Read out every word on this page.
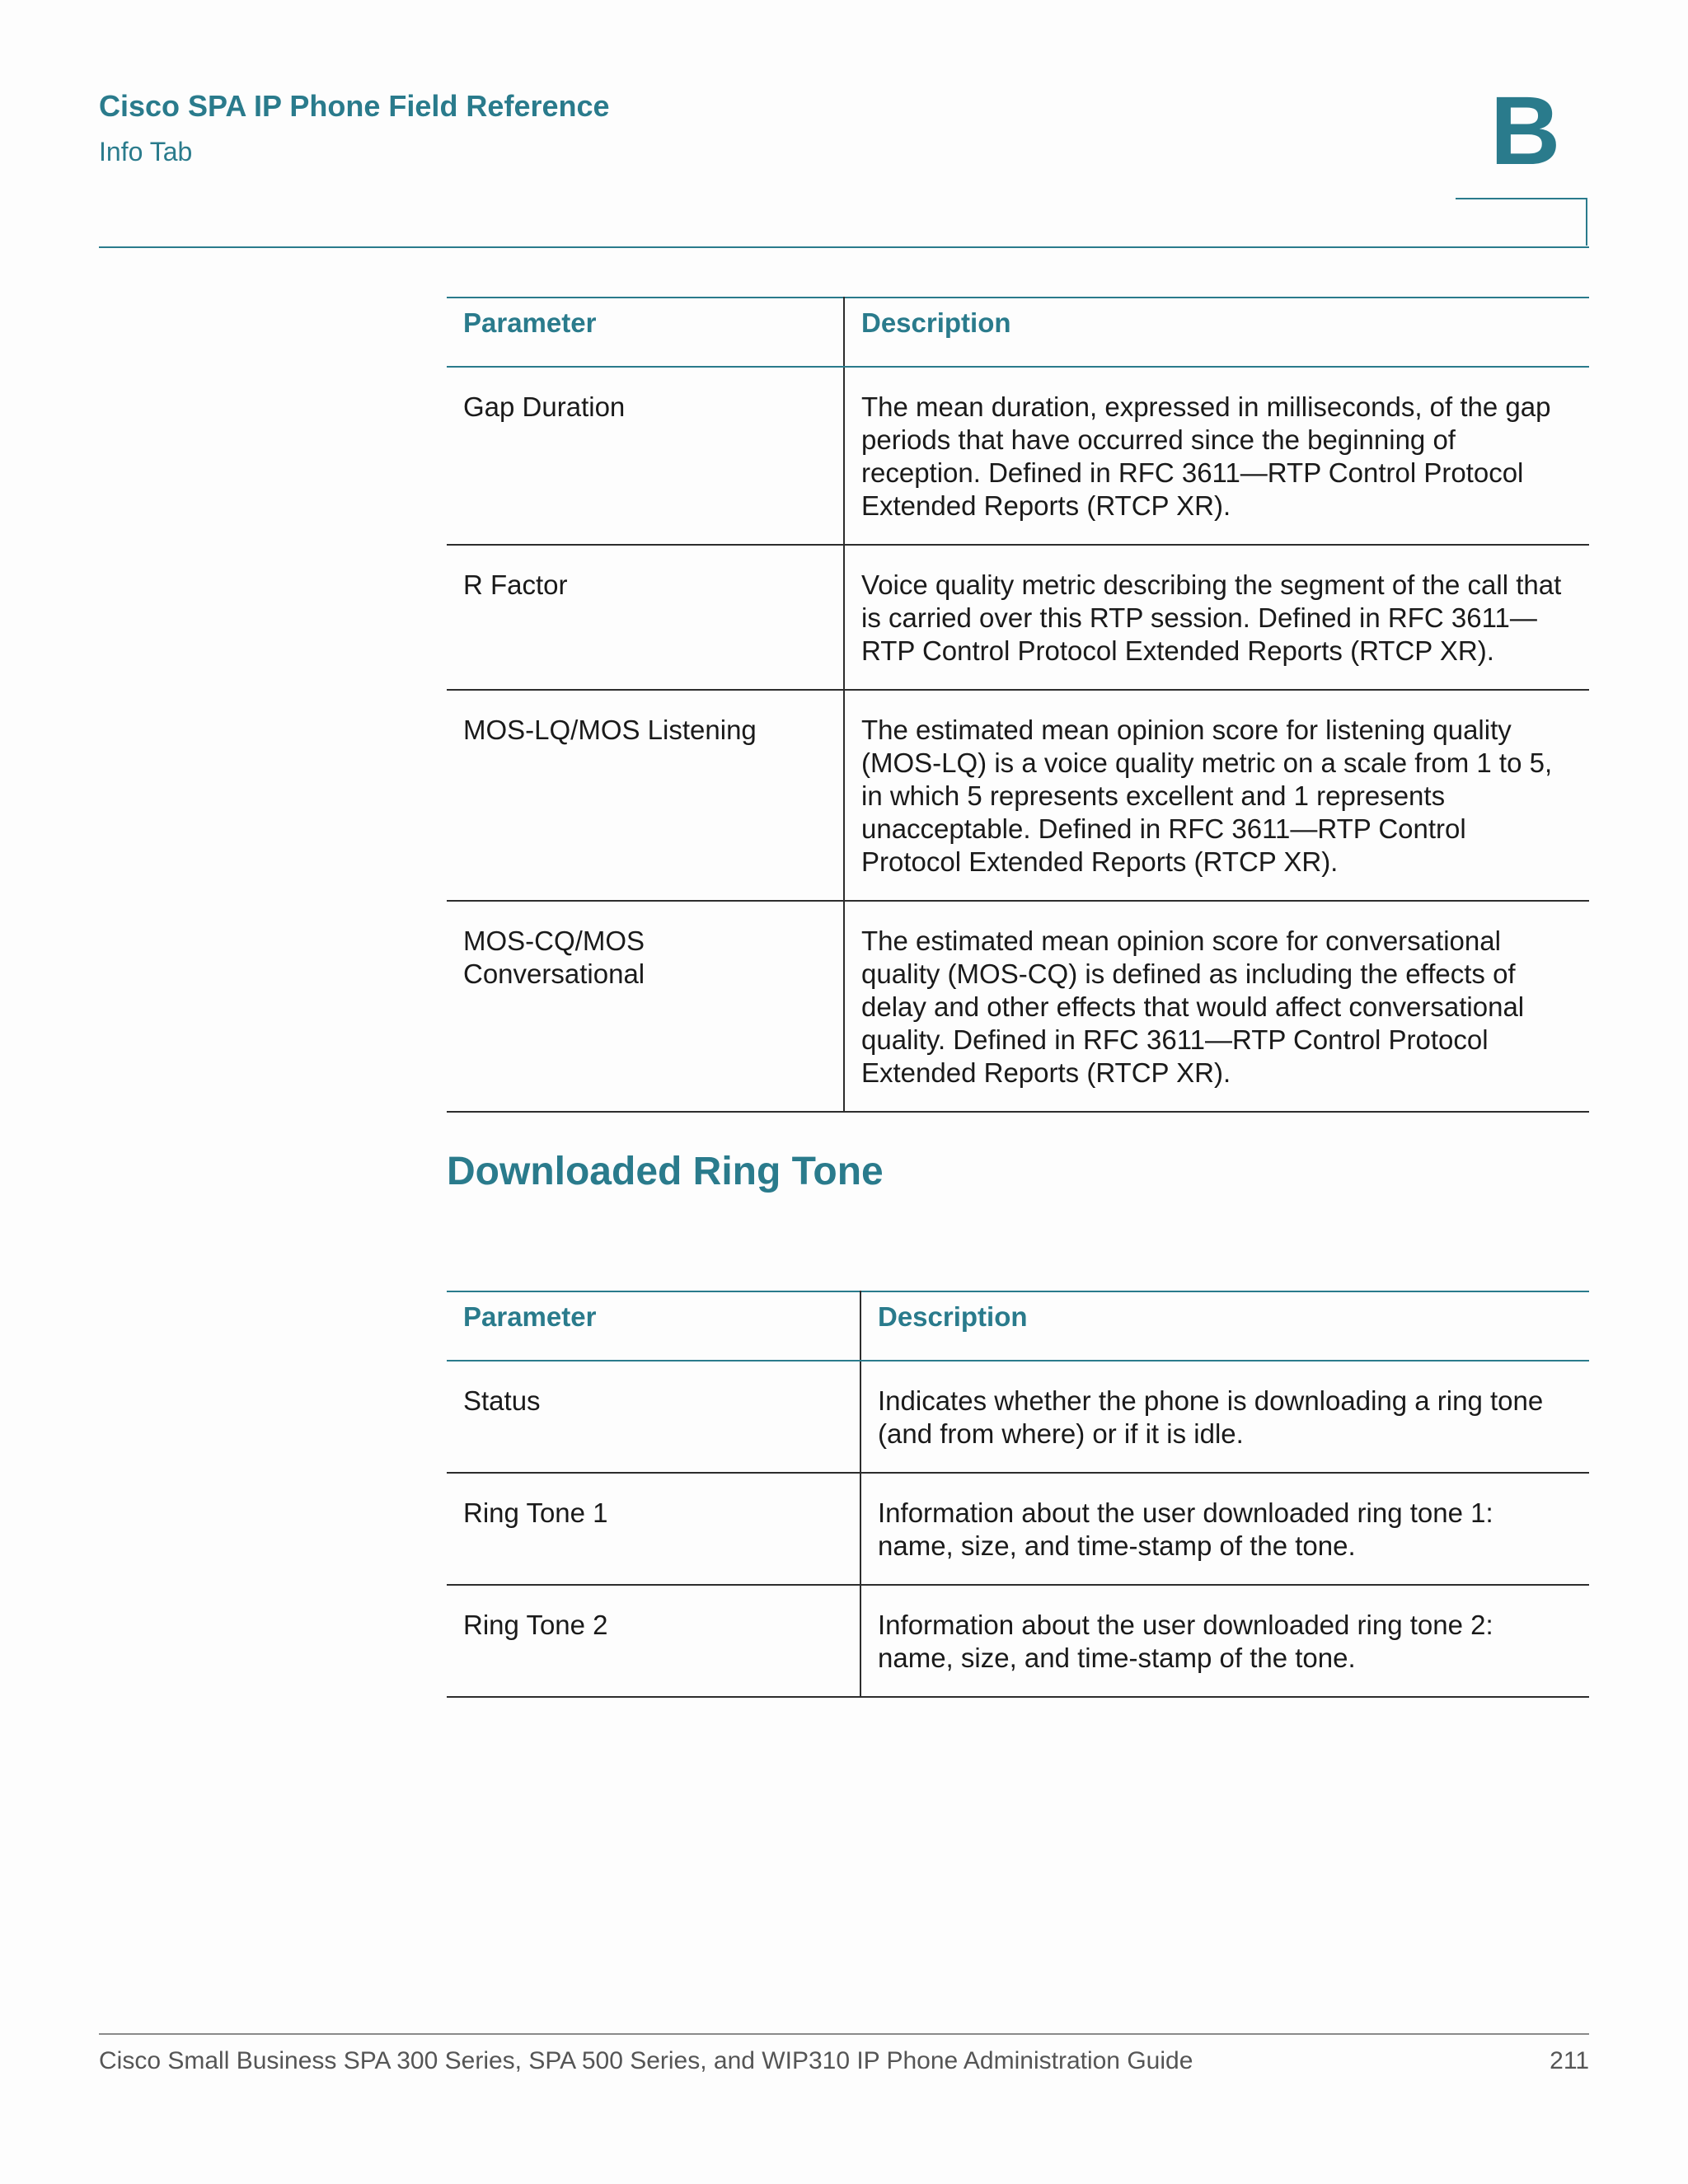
Cisco SPA IP Phone Field Reference
Info Tab	B
Parameter	Description
Gap Duration	The mean duration, expressed in milliseconds, of the gap periods that have occurred since the beginning of reception. Defined in RFC 3611—RTP Control Protocol Extended Reports (RTCP XR).
R Factor	Voice quality metric describing the segment of the call that is carried over this RTP session. Defined in RFC 3611—RTP Control Protocol Extended Reports (RTCP XR).
MOS-LQ/MOS Listening	The estimated mean opinion score for listening quality (MOS-LQ) is a voice quality metric on a scale from 1 to 5, in which 5 represents excellent and 1 represents unacceptable. Defined in RFC 3611—RTP Control Protocol Extended Reports (RTCP XR).
MOS-CQ/MOS Conversational	The estimated mean opinion score for conversational quality (MOS-CQ) is defined as including the effects of delay and other effects that would affect conversational quality. Defined in RFC 3611—RTP Control Protocol Extended Reports (RTCP XR).
Downloaded Ring Tone
Parameter	Description
Status	Indicates whether the phone is downloading a ring tone (and from where) or if it is idle.
Ring Tone 1	Information about the user downloaded ring tone 1: name, size, and time-stamp of the tone.
Ring Tone 2	Information about the user downloaded ring tone 2: name, size, and time-stamp of the tone.
Cisco Small Business SPA 300 Series, SPA 500 Series, and WIP310 IP Phone Administration Guide	211
